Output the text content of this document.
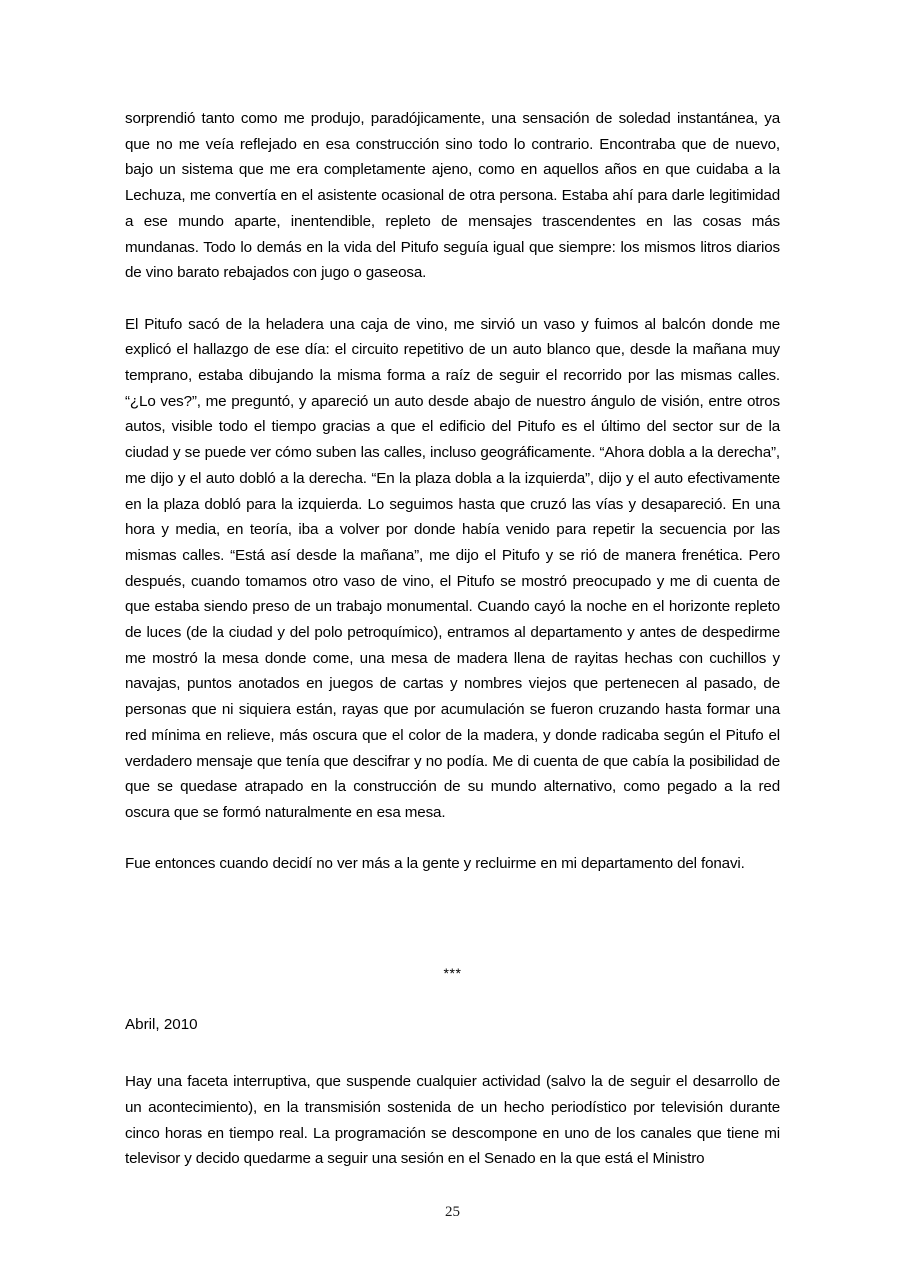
sorprendió tanto como me produjo, paradójicamente, una sensación de soledad instantánea, ya que no me veía reflejado en esa construcción sino todo lo contrario. Encontraba que de nuevo, bajo un sistema que me era completamente ajeno, como en aquellos años en que cuidaba a la Lechuza, me convertía en el asistente ocasional de otra persona. Estaba ahí para darle legitimidad a ese mundo aparte, inentendible, repleto de mensajes trascendentes en las cosas más mundanas. Todo lo demás en la vida del Pitufo seguía igual que siempre: los mismos litros diarios de vino barato rebajados con jugo o gaseosa.

El Pitufo sacó de la heladera una caja de vino, me sirvió un vaso y fuimos al balcón donde me explicó el hallazgo de ese día: el circuito repetitivo de un auto blanco que, desde la mañana muy temprano, estaba dibujando la misma forma a raíz de seguir el recorrido por las mismas calles. “¿Lo ves?”, me preguntó, y apareció un auto desde abajo de nuestro ángulo de visión, entre otros autos, visible todo el tiempo gracias a que el edificio del Pitufo es el último del sector sur de la ciudad y se puede ver cómo suben las calles, incluso geográficamente. “Ahora dobla a la derecha”, me dijo y el auto dobló a la derecha. “En la plaza dobla a la izquierda”, dijo y el auto efectivamente en la plaza dobló para la izquierda. Lo seguimos hasta que cruzó las vías y desapareció. En una hora y media, en teoría, iba a volver por donde había venido para repetir la secuencia por las mismas calles. “Está así desde la mañana”, me dijo el Pitufo y se rió de manera frenética. Pero después, cuando tomamos otro vaso de vino, el Pitufo se mostró preocupado y me di cuenta de que estaba siendo preso de un trabajo monumental. Cuando cayó la noche en el horizonte repleto de luces (de la ciudad y del polo petroquímico), entramos al departamento y antes de despedirme me mostró la mesa donde come, una mesa de madera llena de rayitas hechas con cuchillos y navajas, puntos anotados en juegos de cartas y nombres viejos que pertenecen al pasado, de personas que ni siquiera están, rayas que por acumulación se fueron cruzando hasta formar una red mínima en relieve, más oscura que el color de la madera, y donde radicaba según el Pitufo el verdadero mensaje que tenía que descifrar y no podía. Me di cuenta de que cabía la posibilidad de que se quedase atrapado en la construcción de su mundo alternativo, como pegado a la red oscura que se formó naturalmente en esa mesa.

Fue entonces cuando decidí no ver más a la gente y recluirme en mi departamento del fonavi.

***
Abril, 2010

Hay una faceta interruptiva, que suspende cualquier actividad (salvo la de seguir el desarrollo de un acontecimiento), en la transmisión sostenida de un hecho periodístico por televisión durante cinco horas en tiempo real. La programación se descompone en uno de los canales que tiene mi televisor y decido quedarme a seguir una sesión en el Senado en la que está el Ministro

25
